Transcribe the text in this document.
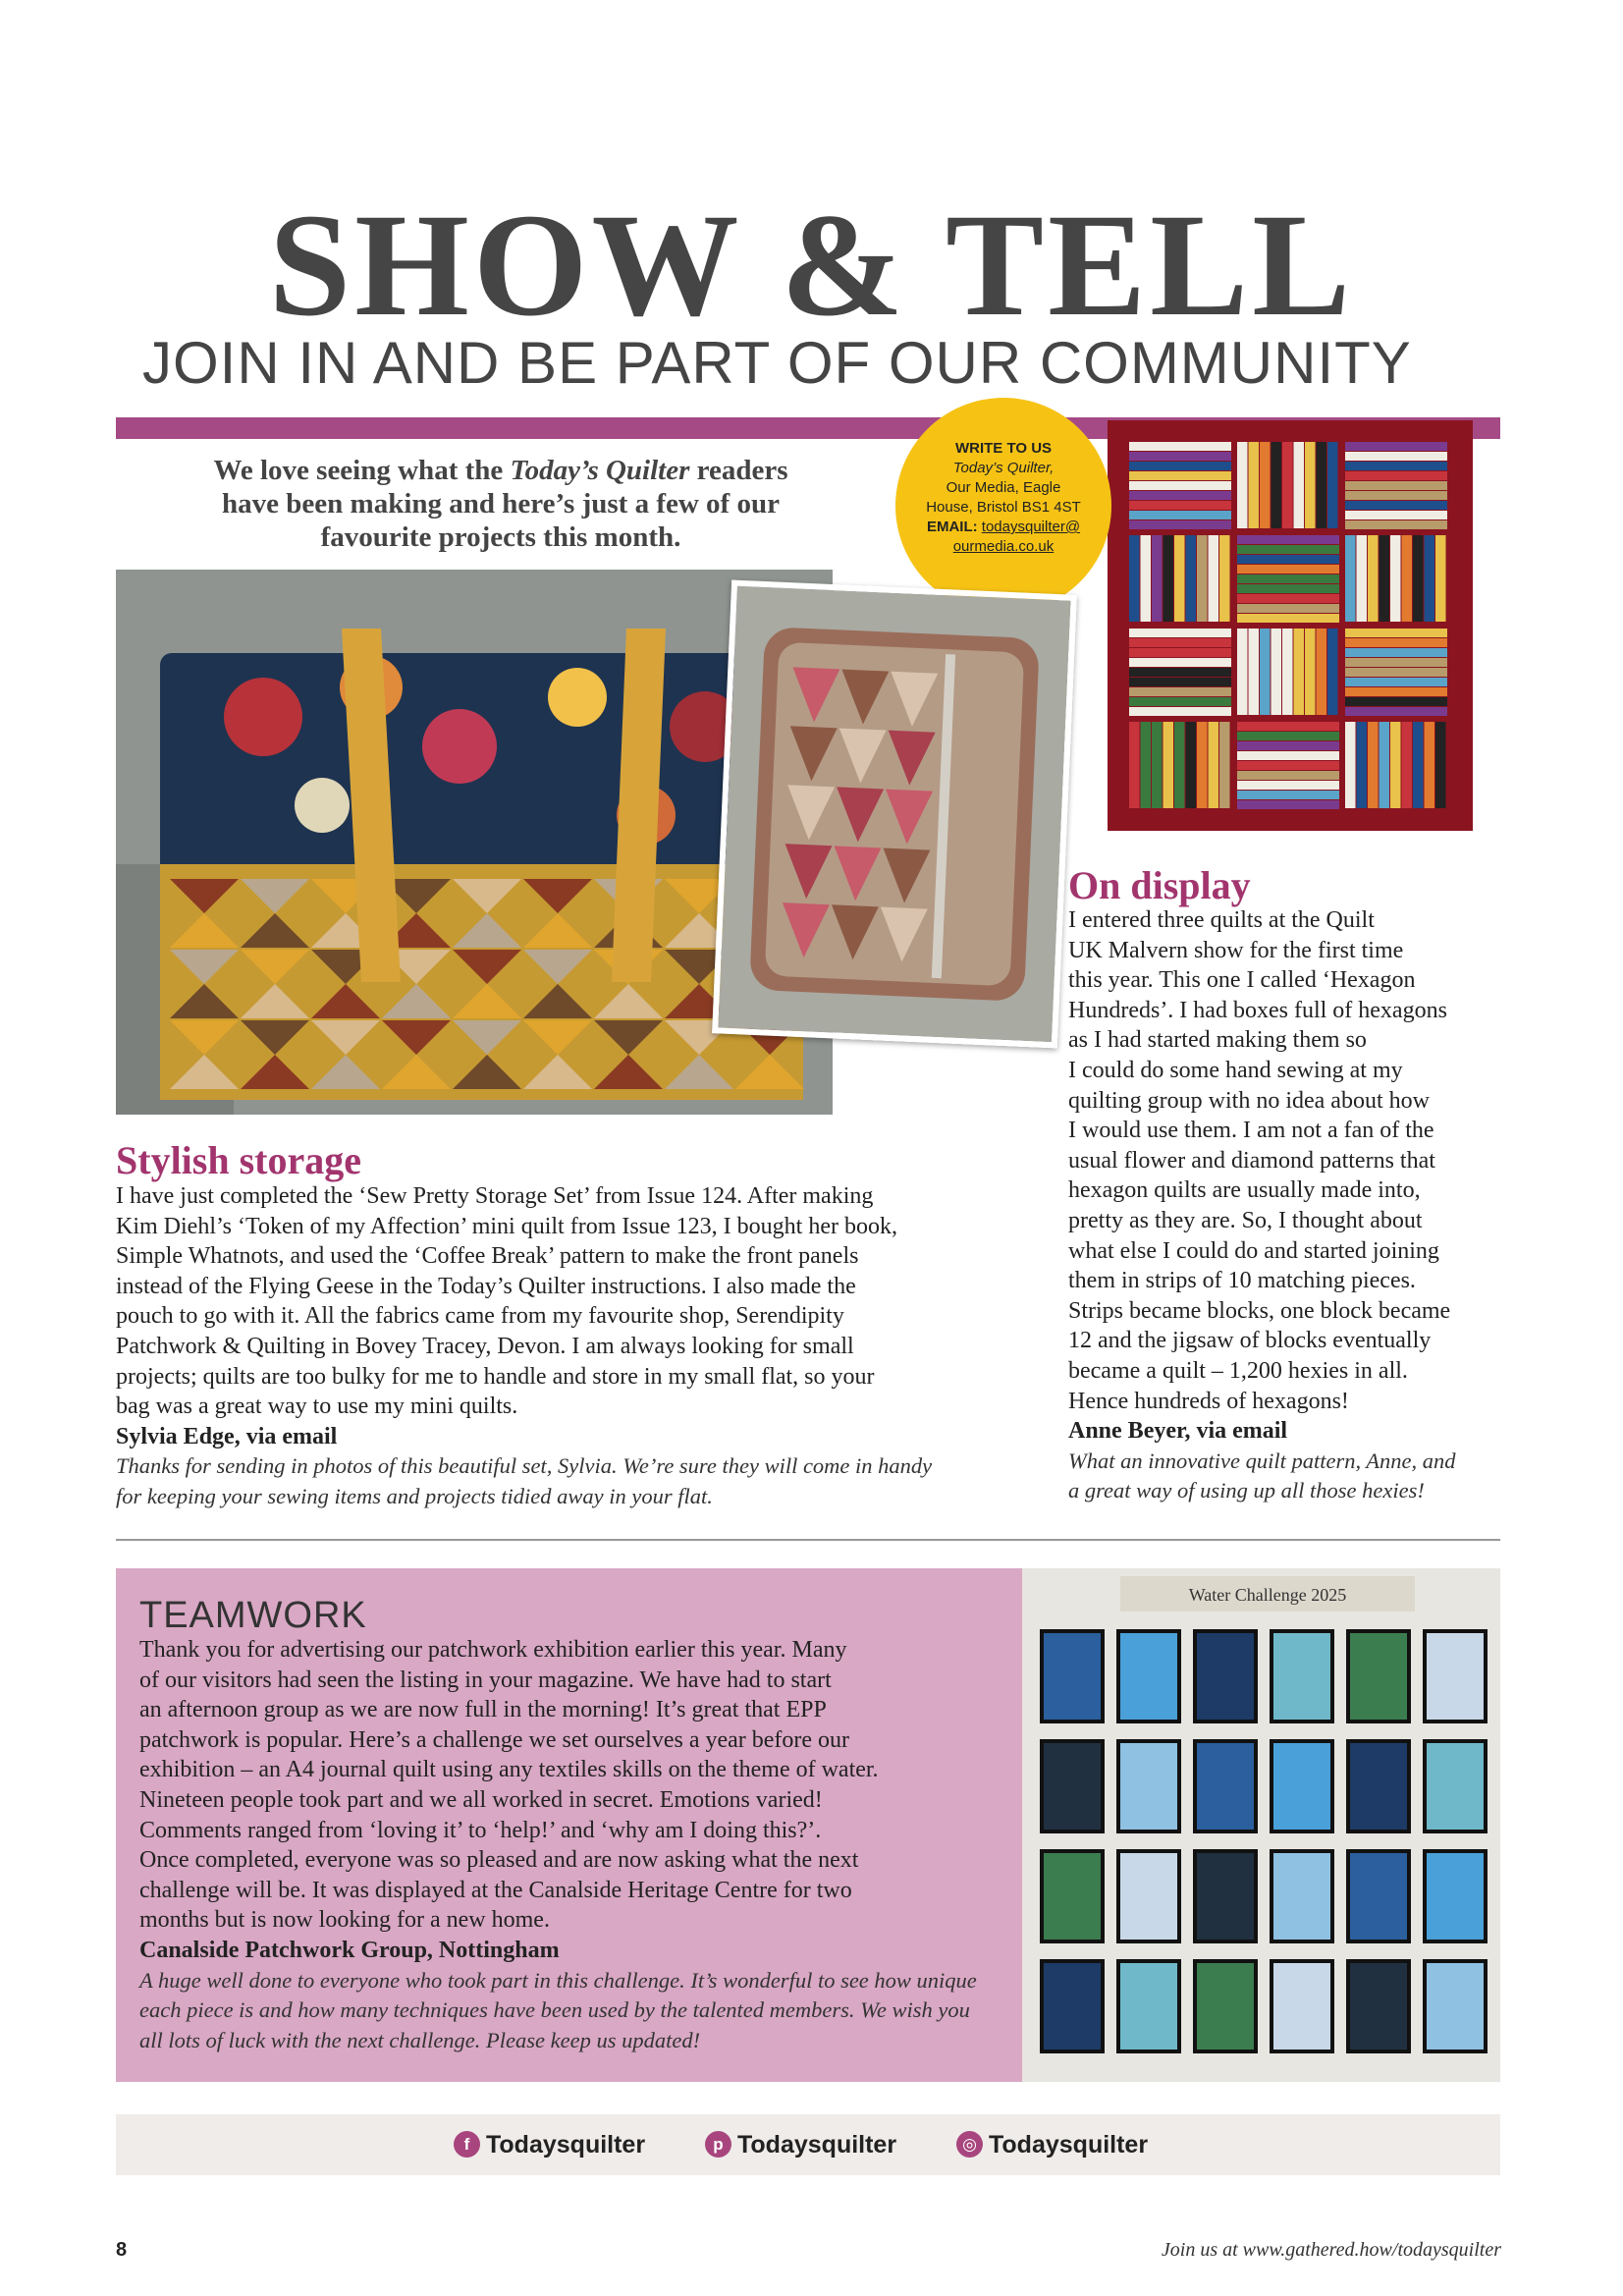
SHOW & TELL
JOIN IN AND BE PART OF OUR COMMUNITY
We love seeing what the Today’s Quilter readers
have been making and here’s just a few of our
favourite projects this month.
WRITE TO US
Today’s Quilter,
Our Media, Eagle
House, Bristol BS1 4ST
EMAIL: todaysquilter@
ourmedia.co.uk
Stylish storage
I have just completed the ‘Sew Pretty Storage Set’ from Issue 124. After making
Kim Diehl’s ‘Token of my Affection’ mini quilt from Issue 123, I bought her book,
Simple Whatnots, and used the ‘Coffee Break’ pattern to make the front panels
instead of the Flying Geese in the Today’s Quilter instructions. I also made the
pouch to go with it. All the fabrics came from my favourite shop, Serendipity
Patchwork & Quilting in Bovey Tracey, Devon. I am always looking for small
projects; quilts are too bulky for me to handle and store in my small flat, so your
bag was a great way to use my mini quilts.
Sylvia Edge, via email
Thanks for sending in photos of this beautiful set, Sylvia. We’re sure they will come in handy
for keeping your sewing items and projects tidied away in your flat.
On display
I entered three quilts at the Quilt
UK Malvern show for the first time
this year. This one I called ‘Hexagon
Hundreds’. I had boxes full of hexagons
as I had started making them so
I could do some hand sewing at my
quilting group with no idea about how
I would use them. I am not a fan of the
usual flower and diamond patterns that
hexagon quilts are usually made into,
pretty as they are. So, I thought about
what else I could do and started joining
them in strips of 10 matching pieces.
Strips became blocks, one block became
12 and the jigsaw of blocks eventually
became a quilt – 1,200 hexies in all.
Hence hundreds of hexagons!
Anne Beyer, via email
What an innovative quilt pattern, Anne, and
a great way of using up all those hexies!
TEAMWORK
Thank you for advertising our patchwork exhibition earlier this year. Many
of our visitors had seen the listing in your magazine. We have had to start
an afternoon group as we are now full in the morning! It’s great that EPP
patchwork is popular. Here’s a challenge we set ourselves a year before our
exhibition – an A4 journal quilt using any textiles skills on the theme of water.
Nineteen people took part and we all worked in secret. Emotions varied!
Comments ranged from ‘loving it’ to ‘help!’ and ‘why am I doing this?’.
Once completed, everyone was so pleased and are now asking what the next
challenge will be. It was displayed at the Canalside Heritage Centre for two
months but is now looking for a new home.
Canalside Patchwork Group, Nottingham
A huge well done to everyone who took part in this challenge. It’s wonderful to see how unique
each piece is and how many techniques have been used by the talented members. We wish you
all lots of luck with the next challenge. Please keep us updated!
Water Challenge 2025
f Todaysquilter	p Todaysquilter	◎ Todaysquilter
8	Join us at www.gathered.how/todaysquilter
